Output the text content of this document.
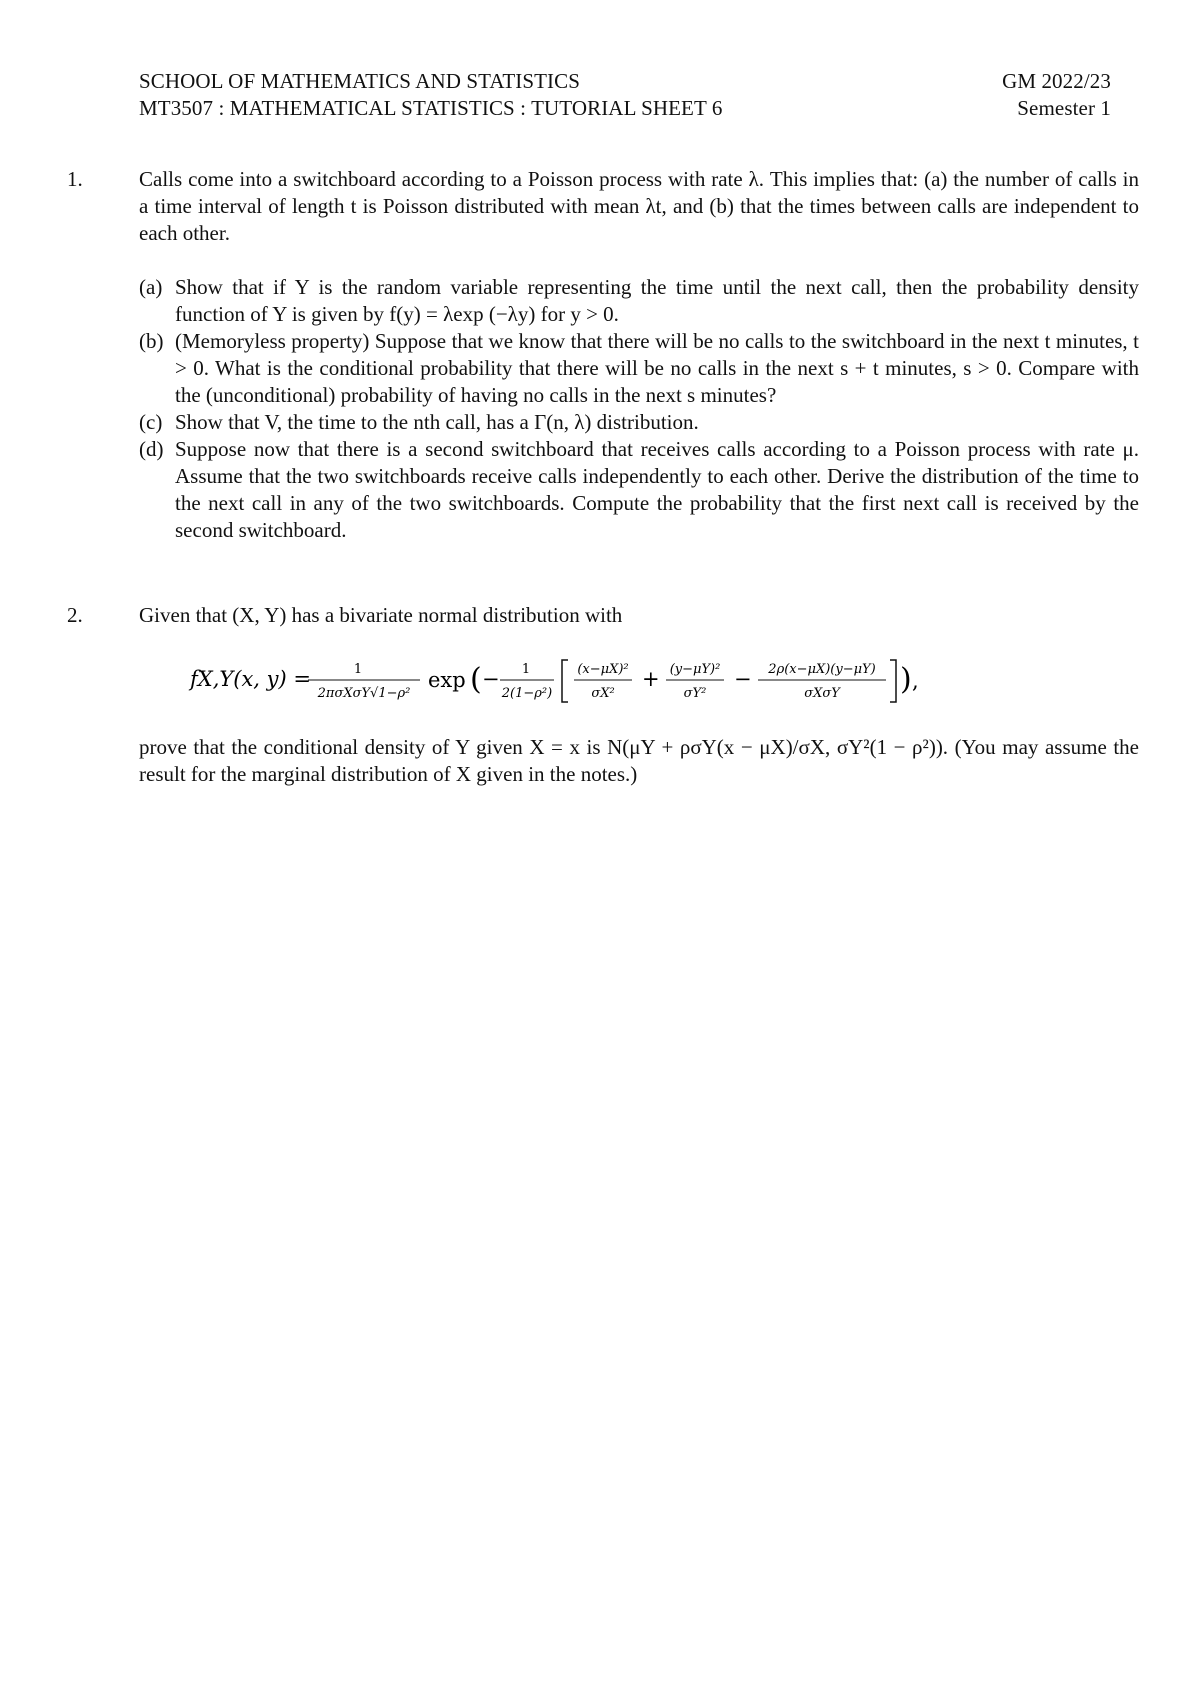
SCHOOL OF MATHEMATICS AND STATISTICS
MT3507 : MATHEMATICAL STATISTICS : TUTORIAL SHEET 6
GM 2022/23
Semester 1
1.	Calls come into a switchboard according to a Poisson process with rate λ. This implies that: (a) the number of calls in a time interval of length t is Poisson distributed with mean λt, and (b) that the times between calls are independent to each other.
(a) Show that if Y is the random variable representing the time until the next call, then the probability density function of Y is given by f(y) = λexp (−λy) for y > 0.
(b) (Memoryless property) Suppose that we know that there will be no calls to the switchboard in the next t minutes, t > 0. What is the conditional probability that there will be no calls in the next s + t minutes, s > 0. Compare with the (unconditional) probability of having no calls in the next s minutes?
(c) Show that V, the time to the nth call, has a Γ(n, λ) distribution.
(d) Suppose now that there is a second switchboard that receives calls according to a Poisson process with rate μ. Assume that the two switchboards receive calls independently to each other. Derive the distribution of the time to the next call in any of the two switchboards. Compute the probability that the first next call is received by the second switchboard.
2.	Given that (X, Y) has a bivariate normal distribution with
fX,Y(x, y) =	1
2πσXσY√1−ρ²
exp ( − 1
2(1−ρ²)
(x−μX)²
σX²
+ (y−μY)²
σY²
− 2ρ(x−μX)(y−μY)
σXσY ) ,
prove that the conditional density of Y given X = x is N(μY + ρσY(x − μX)/σX, σY²(1 − ρ²)). (You may assume the result for the marginal distribution of X given in the notes.)
